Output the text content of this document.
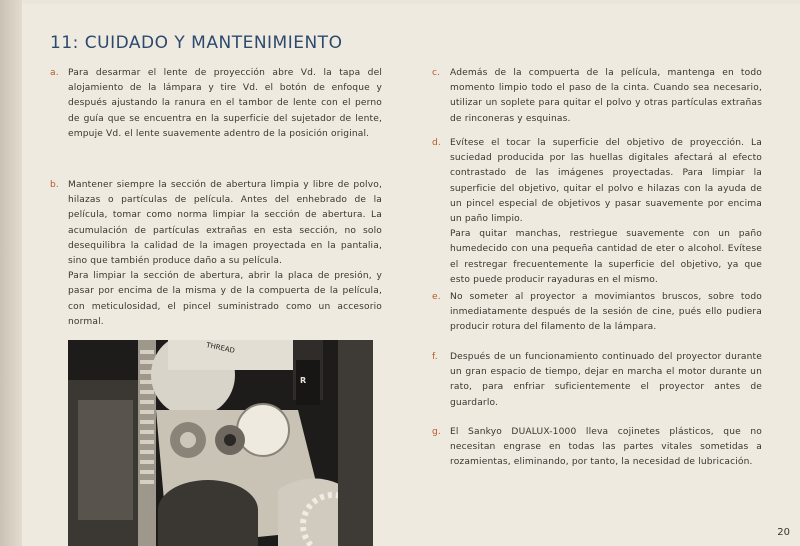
11: CUIDADO Y MANTENIMIENTO
a. Para desarmar el lente de proyección abre Vd. la tapa del alojamiento de la lámpara y tire Vd. el botón de enfoque y después ajustando la ranura en el tambor de lente con el perno de guía que se encuentra en la superficie del sujetador de lente, empuje Vd. el lente suavemente adentro de la posición original.

b. Mantener siempre la sección de abertura limpia y libre de polvo, hilazas o partículas de película. Antes del enhebrado de la película, tomar como norma limpiar la sección de abertura. La acumulación de partículas extrañas en esta sección, no solo desequilibra la calidad de la imagen proyectada en la pantalia, sino que también produce daño a su película.

Para limpiar la sección de abertura, abrir la placa de presión, y pasar por encima de la misma y de la compuerta de la película, con meticulosidad, el pincel suministrado como un accesorio normal.

THREAD
R
c. Además de la compuerta de la película, mantenga en todo momento limpio todo el paso de la cinta. Cuando sea necesario, utilizar un soplete para quitar el polvo y otras partículas extrañas de rinconeras y esquinas.

d. Evítese el tocar la superficie del objetivo de proyección. La suciedad producida por las huellas digitales afectará al efecto contrastado de las imágenes proyectadas. Para limpiar la superficie del objetivo, quitar el polvo e hilazas con la ayuda de un pincel especial de objetivos y pasar suavemente por encima un paño limpio.

Para quitar manchas, restriegue suavemente con un paño humedecido con una pequeña cantidad de eter o alcohol. Evítese el restregar frecuentemente la superficie del objetivo, ya que esto puede producir rayaduras en el mismo.

e. No someter al proyector a movimiantos bruscos, sobre todo inmediatamente después de la sesión de cine, pués ello pudiera producir rotura del filamento de la lámpara.

f. Después de un funcionamiento continuado del proyector durante un gran espacio de tiempo, dejar en marcha el motor durante un rato, para enfriar suficientemente el proyector antes de guardarlo.

g. El Sankyo DUALUX-1000 lleva cojinetes plásticos, que no necesitan engrase en todas las partes vitales sometidas a rozamientas, eliminando, por tanto, la necesidad de lubricación.

20
